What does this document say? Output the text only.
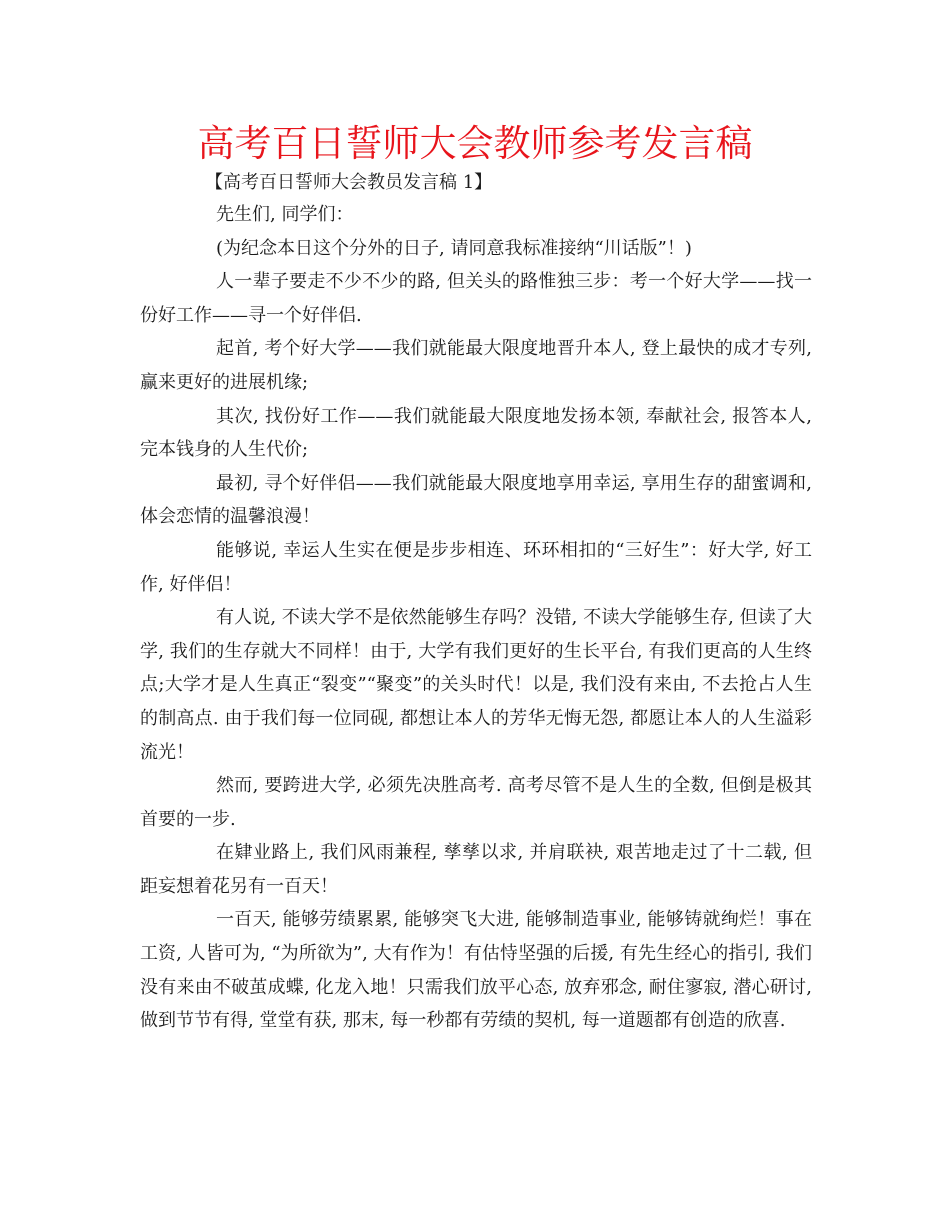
高考百日誓师大会教师参考发言稿

【高考百日誓师大会教员发言稿 1】

先生们, 同学们：

(为纪念本日这个分外的日子, 请同意我标准接纳“川话版”！)

人一辈子要走不少不少的路, 但关头的路惟独三步：考一个好大学——找一份好工作——寻一个好伴侣.

起首, 考个好大学——我们就能最大限度地晋升本人, 登上最快的成才专列, 赢来更好的进展机缘;

其次, 找份好工作——我们就能最大限度地发扬本领, 奉献社会, 报答本人, 完本钱身的人生代价;

最初, 寻个好伴侣——我们就能最大限度地享用幸运, 享用生存的甜蜜调和, 体会恋情的温馨浪漫！

能够说, 幸运人生实在便是步步相连、环环相扣的“三好生”：好大学, 好工作, 好伴侣！

有人说, 不读大学不是依然能够生存吗？没错, 不读大学能够生存, 但读了大学, 我们的生存就大不同样！由于, 大学有我们更好的生长平台, 有我们更高的人生终点;大学才是人生真正“裂变”“聚变”的关头时代！以是, 我们没有来由, 不去抢占人生的制高点. 由于我们每一位同砚, 都想让本人的芳华无悔无怨, 都愿让本人的人生溢彩流光！

然而, 要跨进大学, 必须先决胜高考. 高考尽管不是人生的全数, 但倒是极其首要的一步.

在肄业路上, 我们风雨兼程, 孳孳以求, 并肩联袂, 艰苦地走过了十二载, 但距妄想着花另有一百天！

一百天, 能够劳绩累累, 能够突飞大进, 能够制造事业, 能够铸就绚烂！事在工资, 人皆可为, “为所欲为”, 大有作为！有估恃坚强的后援, 有先生经心的指引, 我们没有来由不破茧成蝶, 化龙入地！只需我们放平心态, 放弃邪念, 耐住寥寂, 潜心研讨, 做到节节有得, 堂堂有获, 那末, 每一秒都有劳绩的契机, 每一道题都有创造的欣喜.
